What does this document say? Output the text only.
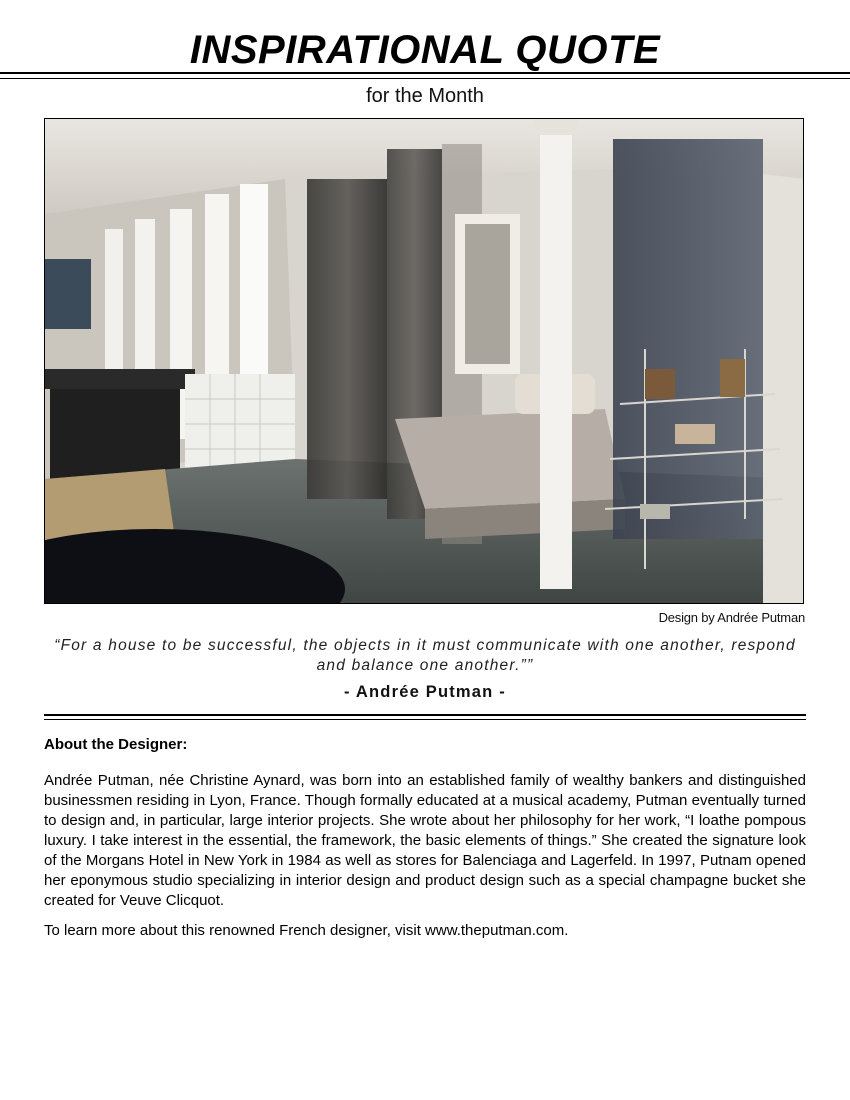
INSPIRATIONAL QUOTE
for the Month
Design by Andrée Putman
“For a house to be successful, the objects in it must communicate with one another, respond and balance one another.””
- Andrée Putman -
About the Designer:
Andrée Putman, née Christine Aynard, was born into an established family of wealthy bankers and distinguished businessmen residing in Lyon, France. Though formally educated at a musical academy, Putman eventually turned to design and, in particular, large interior projects. She wrote about her philosophy for her work, “I loathe pompous luxury. I take interest in the essential, the framework, the basic elements of things.” She created the signature look of the Morgans Hotel in New York in 1984 as well as stores for Balenciaga and Lagerfeld. In 1997, Putnam opened her eponymous studio specializing in interior design and product design such as a special champagne bucket she created for Veuve Clicquot.
To learn more about this renowned French designer, visit www.theputman.com.
